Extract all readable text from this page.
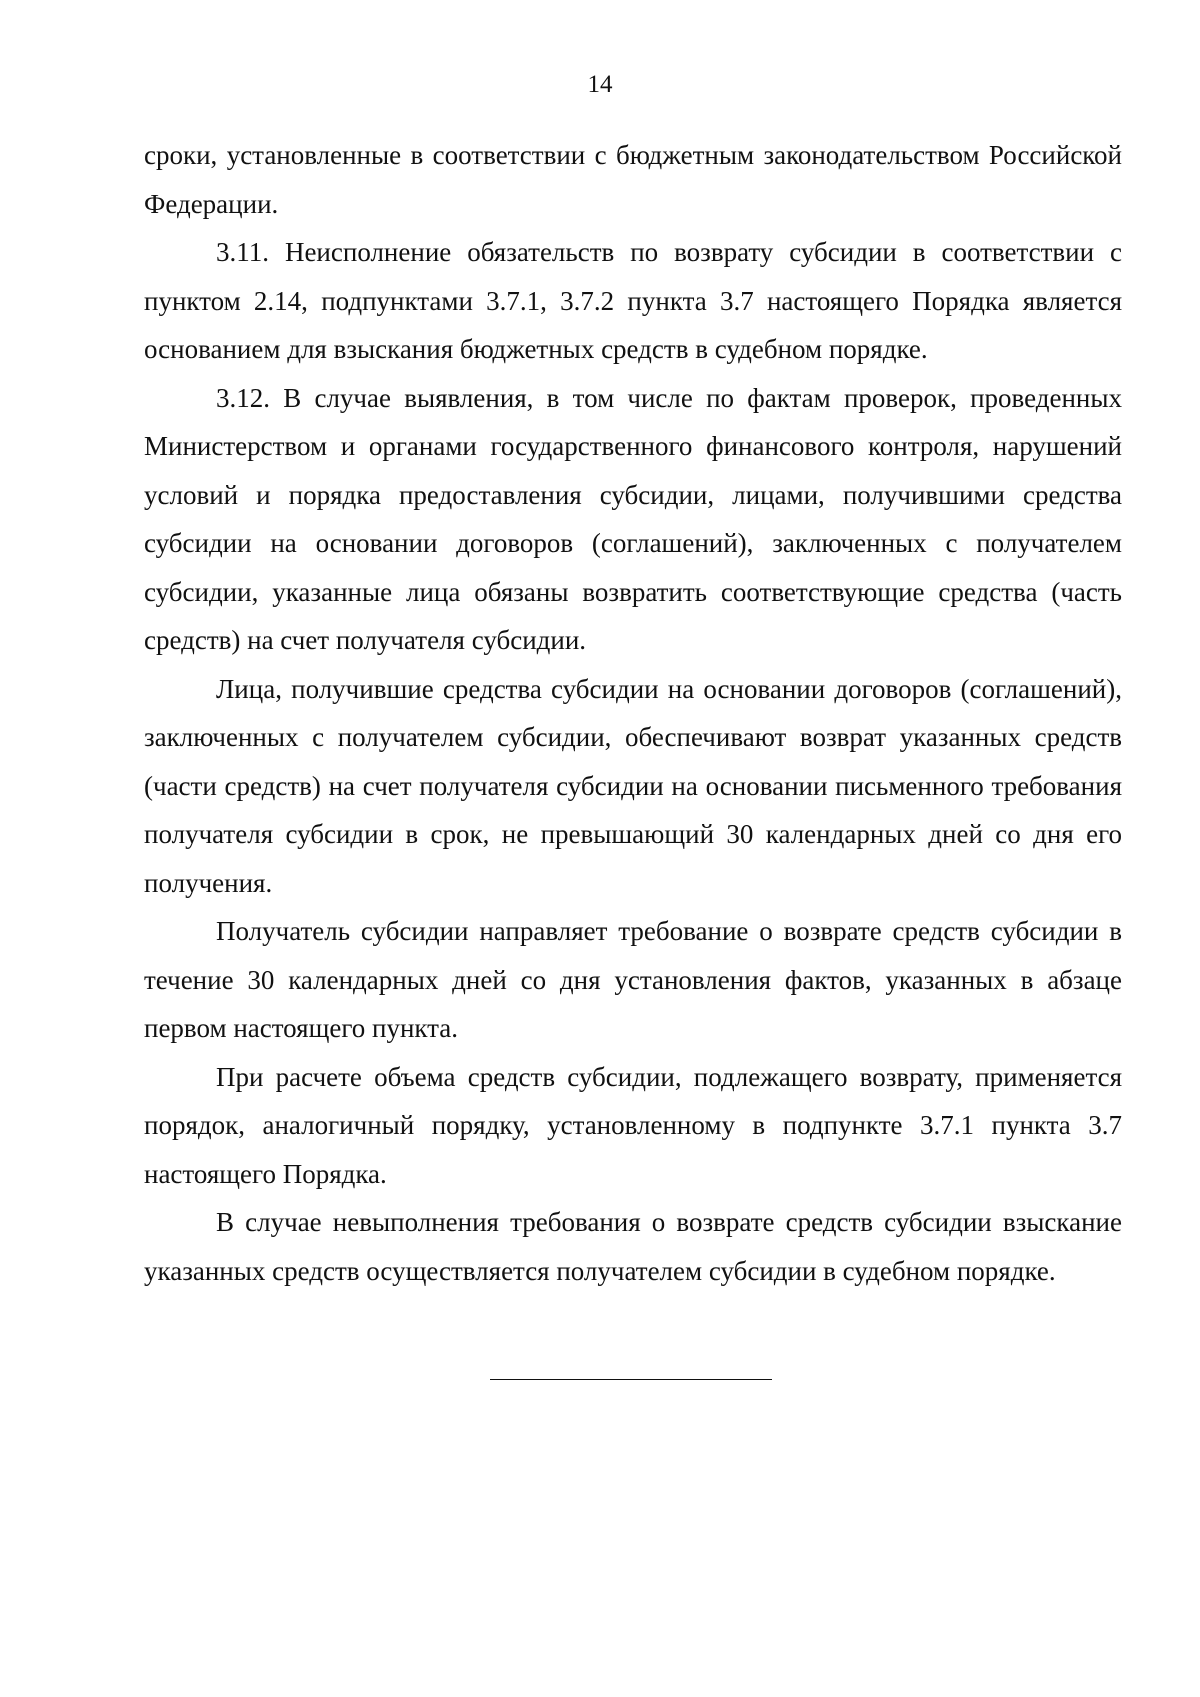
14

сроки, установленные в соответствии с бюджетным законодательством Российской Федерации.

3.11. Неисполнение обязательств по возврату субсидии в соответствии с пунктом 2.14, подпунктами 3.7.1, 3.7.2 пункта 3.7 настоящего Порядка является основанием для взыскания бюджетных средств в судебном порядке.

3.12. В случае выявления, в том числе по фактам проверок, проведенных Министерством и органами государственного финансового контроля, нарушений условий и порядка предоставления субсидии, лицами, получившими средства субсидии на основании договоров (соглашений), заключенных с получателем субсидии, указанные лица обязаны возвратить соответствующие средства (часть средств) на счет получателя субсидии.

Лица, получившие средства субсидии на основании договоров (соглашений), заключенных с получателем субсидии, обеспечивают возврат указанных средств (части средств) на счет получателя субсидии на основании письменного требования получателя субсидии в срок, не превышающий 30 календарных дней со дня его получения.

Получатель субсидии направляет требование о возврате средств субсидии в течение 30 календарных дней со дня установления фактов, указанных в абзаце первом настоящего пункта.

При расчете объема средств субсидии, подлежащего возврату, применяется порядок, аналогичный порядку, установленному в подпункте 3.7.1 пункта 3.7 настоящего Порядка.

В случае невыполнения требования о возврате средств субсидии взыскание указанных средств осуществляется получателем субсидии в судебном порядке.
